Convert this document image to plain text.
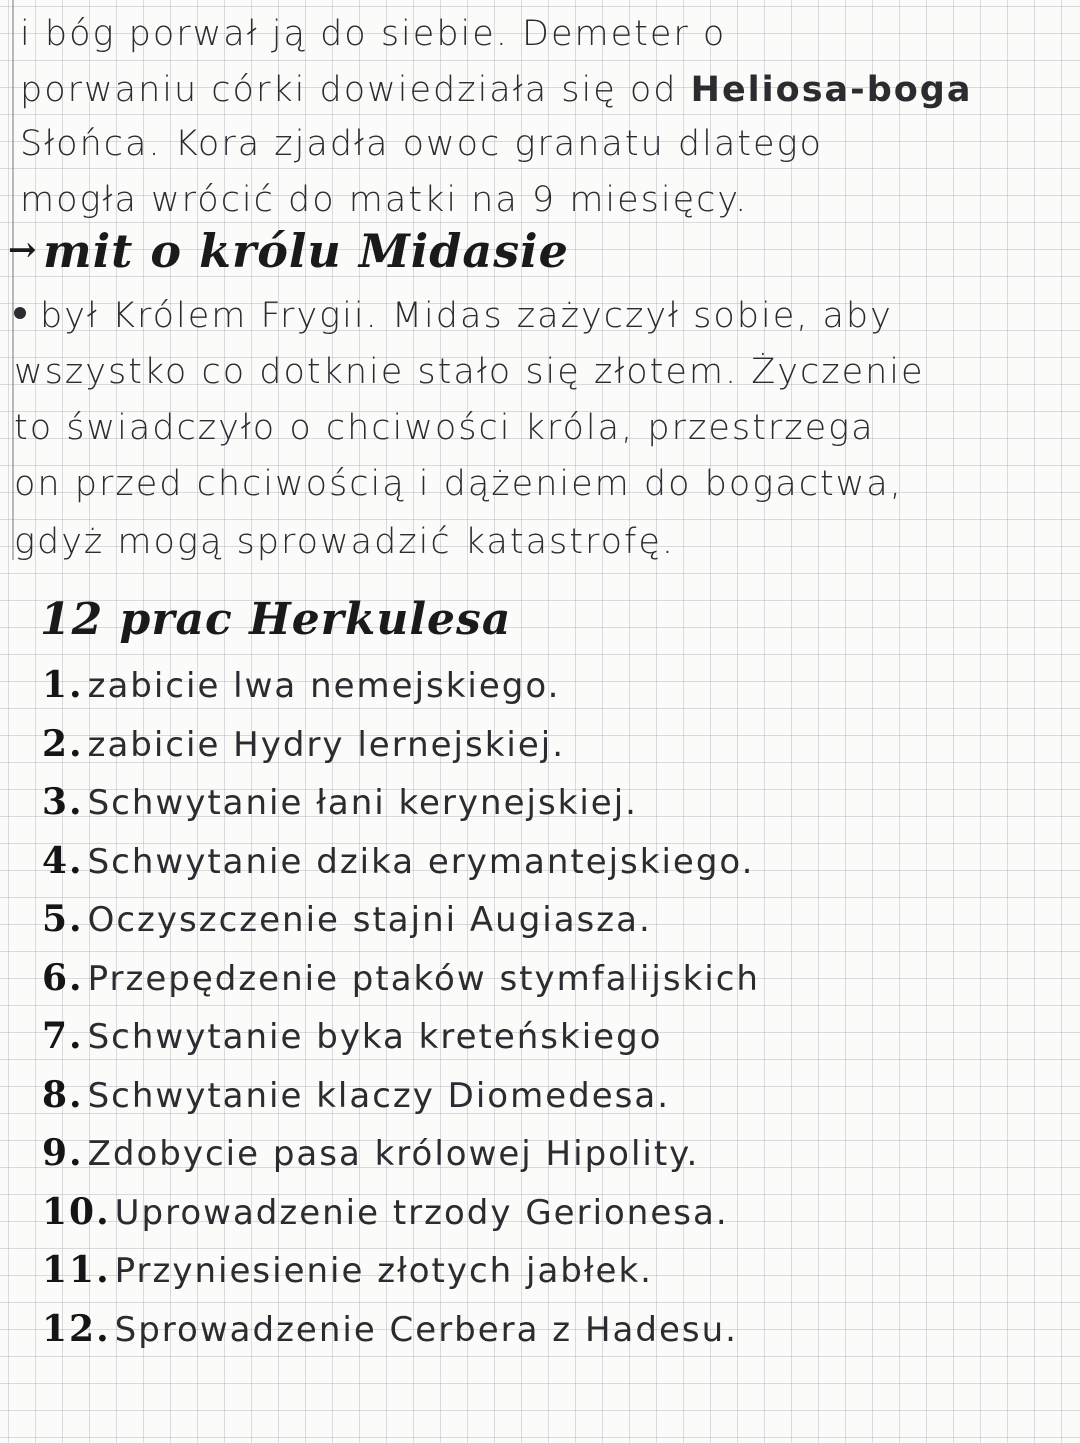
i bóg porwał ją do siebie. Demeter o
porwaniu córki dowiedziała się od Heliosa-boga
Słońca. Kora zjadła owoc granatu dlatego
mogła wrócić do matki na 9 miesięcy.
→ mit o królu Midasie
był Królem Frygii. Midas zażyczył sobie, aby
wszystko co dotknie stało się złotem. Życzenie
to świadczyło o chciwości króla, przestrzega
on przed chciwością i dążeniem do bogactwa,
gdyż mogą sprowadzić katastrofę.
12 prac Herkulesa
1. zabicie lwa nemejskiego.
2. zabicie Hydry lernejskiej.
3. Schwytanie łani kerynejskiej.
4. Schwytanie dzika erymantejskiego.
5. Oczyszczenie stajni Augiasza.
6. Przepędzenie ptaków stymfalijskich
7. Schwytanie byka kreteńskiego
8. Schwytanie klaczy Diomedesa.
9. Zdobycie pasa królowej Hipolity.
10. Uprowadzenie trzody Gerionesa.
11. Przyniesienie złotych jabłek.
12. Sprowadzenie Cerbera z Hadesu.
